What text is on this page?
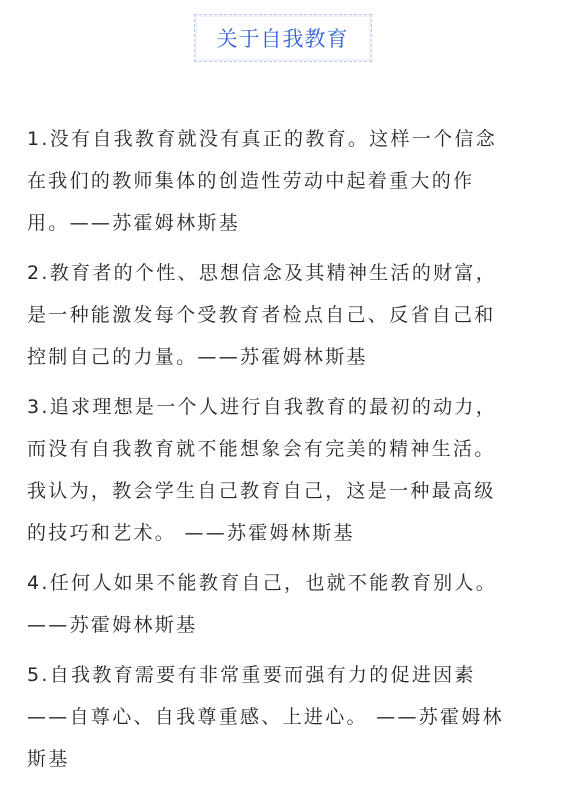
关于自我教育

1.没有自我教育就没有真正的教育。这样一个信念
在我们的教师集体的创造性劳动中起着重大的作
用。——苏霍姆林斯基

2.教育者的个性、思想信念及其精神生活的财富，
是一种能激发每个受教育者检点自己、反省自己和
控制自己的力量。——苏霍姆林斯基

3.追求理想是一个人进行自我教育的最初的动力，
而没有自我教育就不能想象会有完美的精神生活。
我认为，教会学生自己教育自己，这是一种最高级
的技巧和艺术。 ——苏霍姆林斯基

4.任何人如果不能教育自己，也就不能教育别人。
——苏霍姆林斯基

5.自我教育需要有非常重要而强有力的促进因素
——自尊心、自我尊重感、上进心。 ——苏霍姆林
斯基
